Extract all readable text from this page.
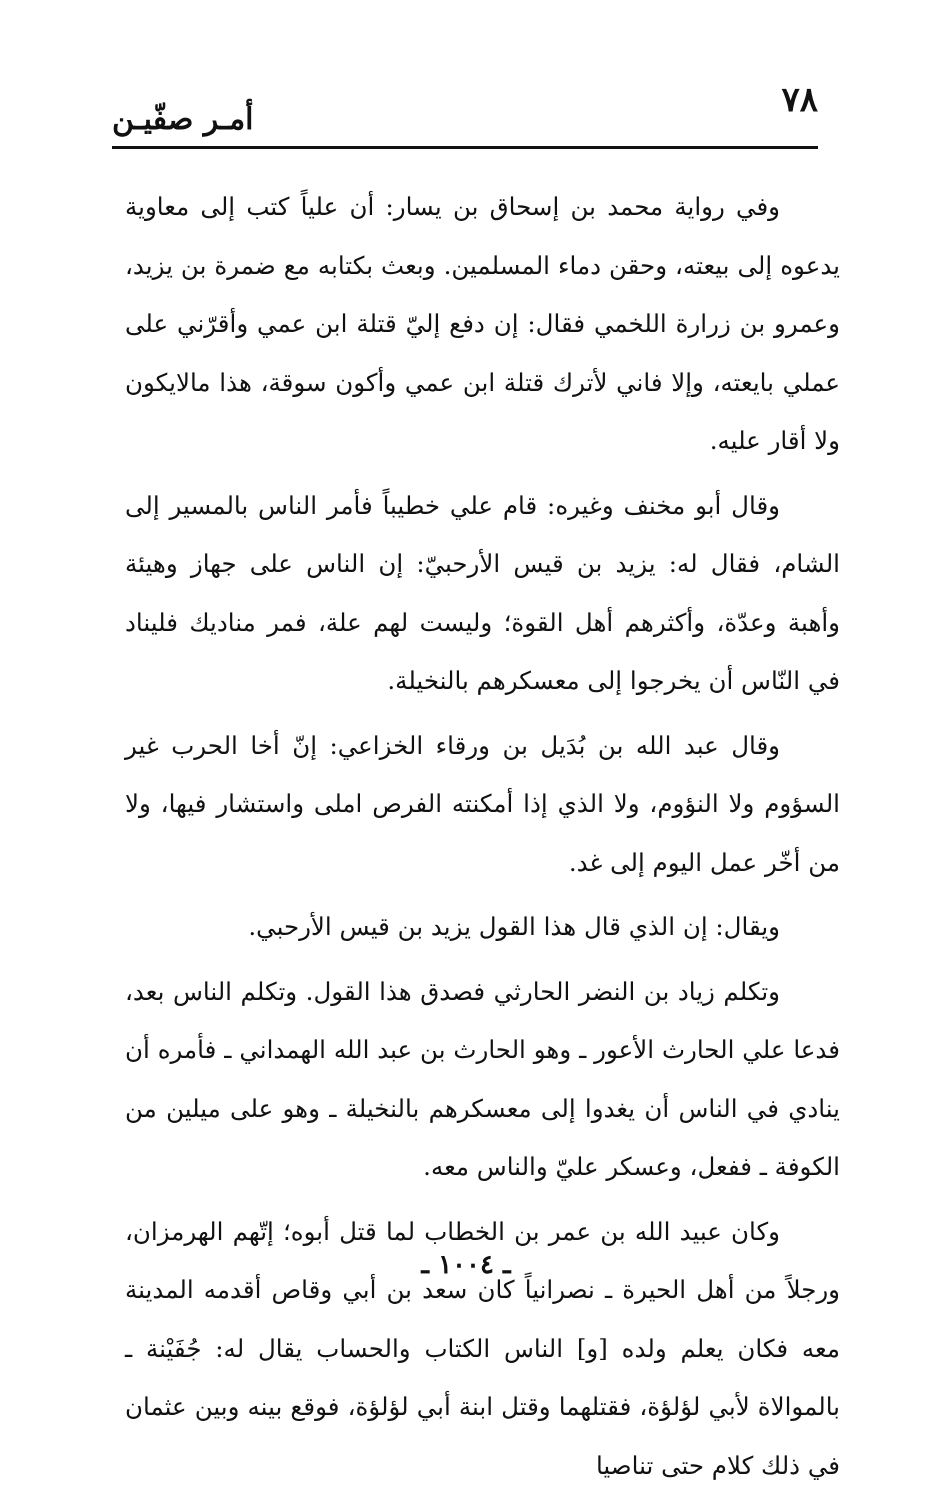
٧٨
أمـر صفّيـن

وفي رواية محمد بن إسحاق بن يسار: أن علياً كتب إلى معاوية يدعوه إلى بيعته، وحقن دماء المسلمين. وبعث بكتابه مع ضمرة بن يزيد، وعمرو بن زرارة اللخمي فقال: إن دفع إليّ قتلة ابن عمي وأقرّني على عملي بايعته، وإلا فاني لأترك قتلة ابن عمي وأكون سوقة، هذا مالايكون ولا أقار عليه.

وقال أبو مخنف وغيره: قام علي خطيباً فأمر الناس بالمسير إلى الشام، فقال له: يزيد بن قيس الأرحبيّ: إن الناس على جهاز وهيئة وأهبة وعدّة، وأكثرهم أهل القوة؛ وليست لهم علة، فمر مناديك فليناد في النّاس أن يخرجوا إلى معسكرهم بالنخيلة.

وقال عبد الله بن بُدَيل بن ورقاء الخزاعي: إنّ أخا الحرب غير السؤوم ولا النؤوم، ولا الذي إذا أمكنته الفرص املى واستشار فيها، ولا من أخّر عمل اليوم إلى غد.

ويقال: إن الذي قال هذا القول يزيد بن قيس الأرحبي.

وتكلم زياد بن النضر الحارثي فصدق هذا القول. وتكلم الناس بعد، فدعا علي الحارث الأعور ـ وهو الحارث بن عبد الله الهمداني ـ فأمره أن ينادي في الناس أن يغدوا إلى معسكرهم بالنخيلة ـ وهو على ميلين من الكوفة ـ ففعل، وعسكر عليّ والناس معه.

وكان عبيد الله بن عمر بن الخطاب لما قتل أبوه؛ إتّهم الهرمزان، ورجلاً من أهل الحيرة ـ نصرانياً كان سعد بن أبي وقاص أقدمه المدينة معه فكان يعلم ولده [و] الناس الكتاب والحساب يقال له: جُفَيْنة ـ بالموالاة لأبي لؤلؤة، فقتلهما وقتل ابنة أبي لؤلؤة، فوقع بينه وبين عثمان في ذلك كلام حتى تناصيا

ـ ١٠٠٤ ـ
